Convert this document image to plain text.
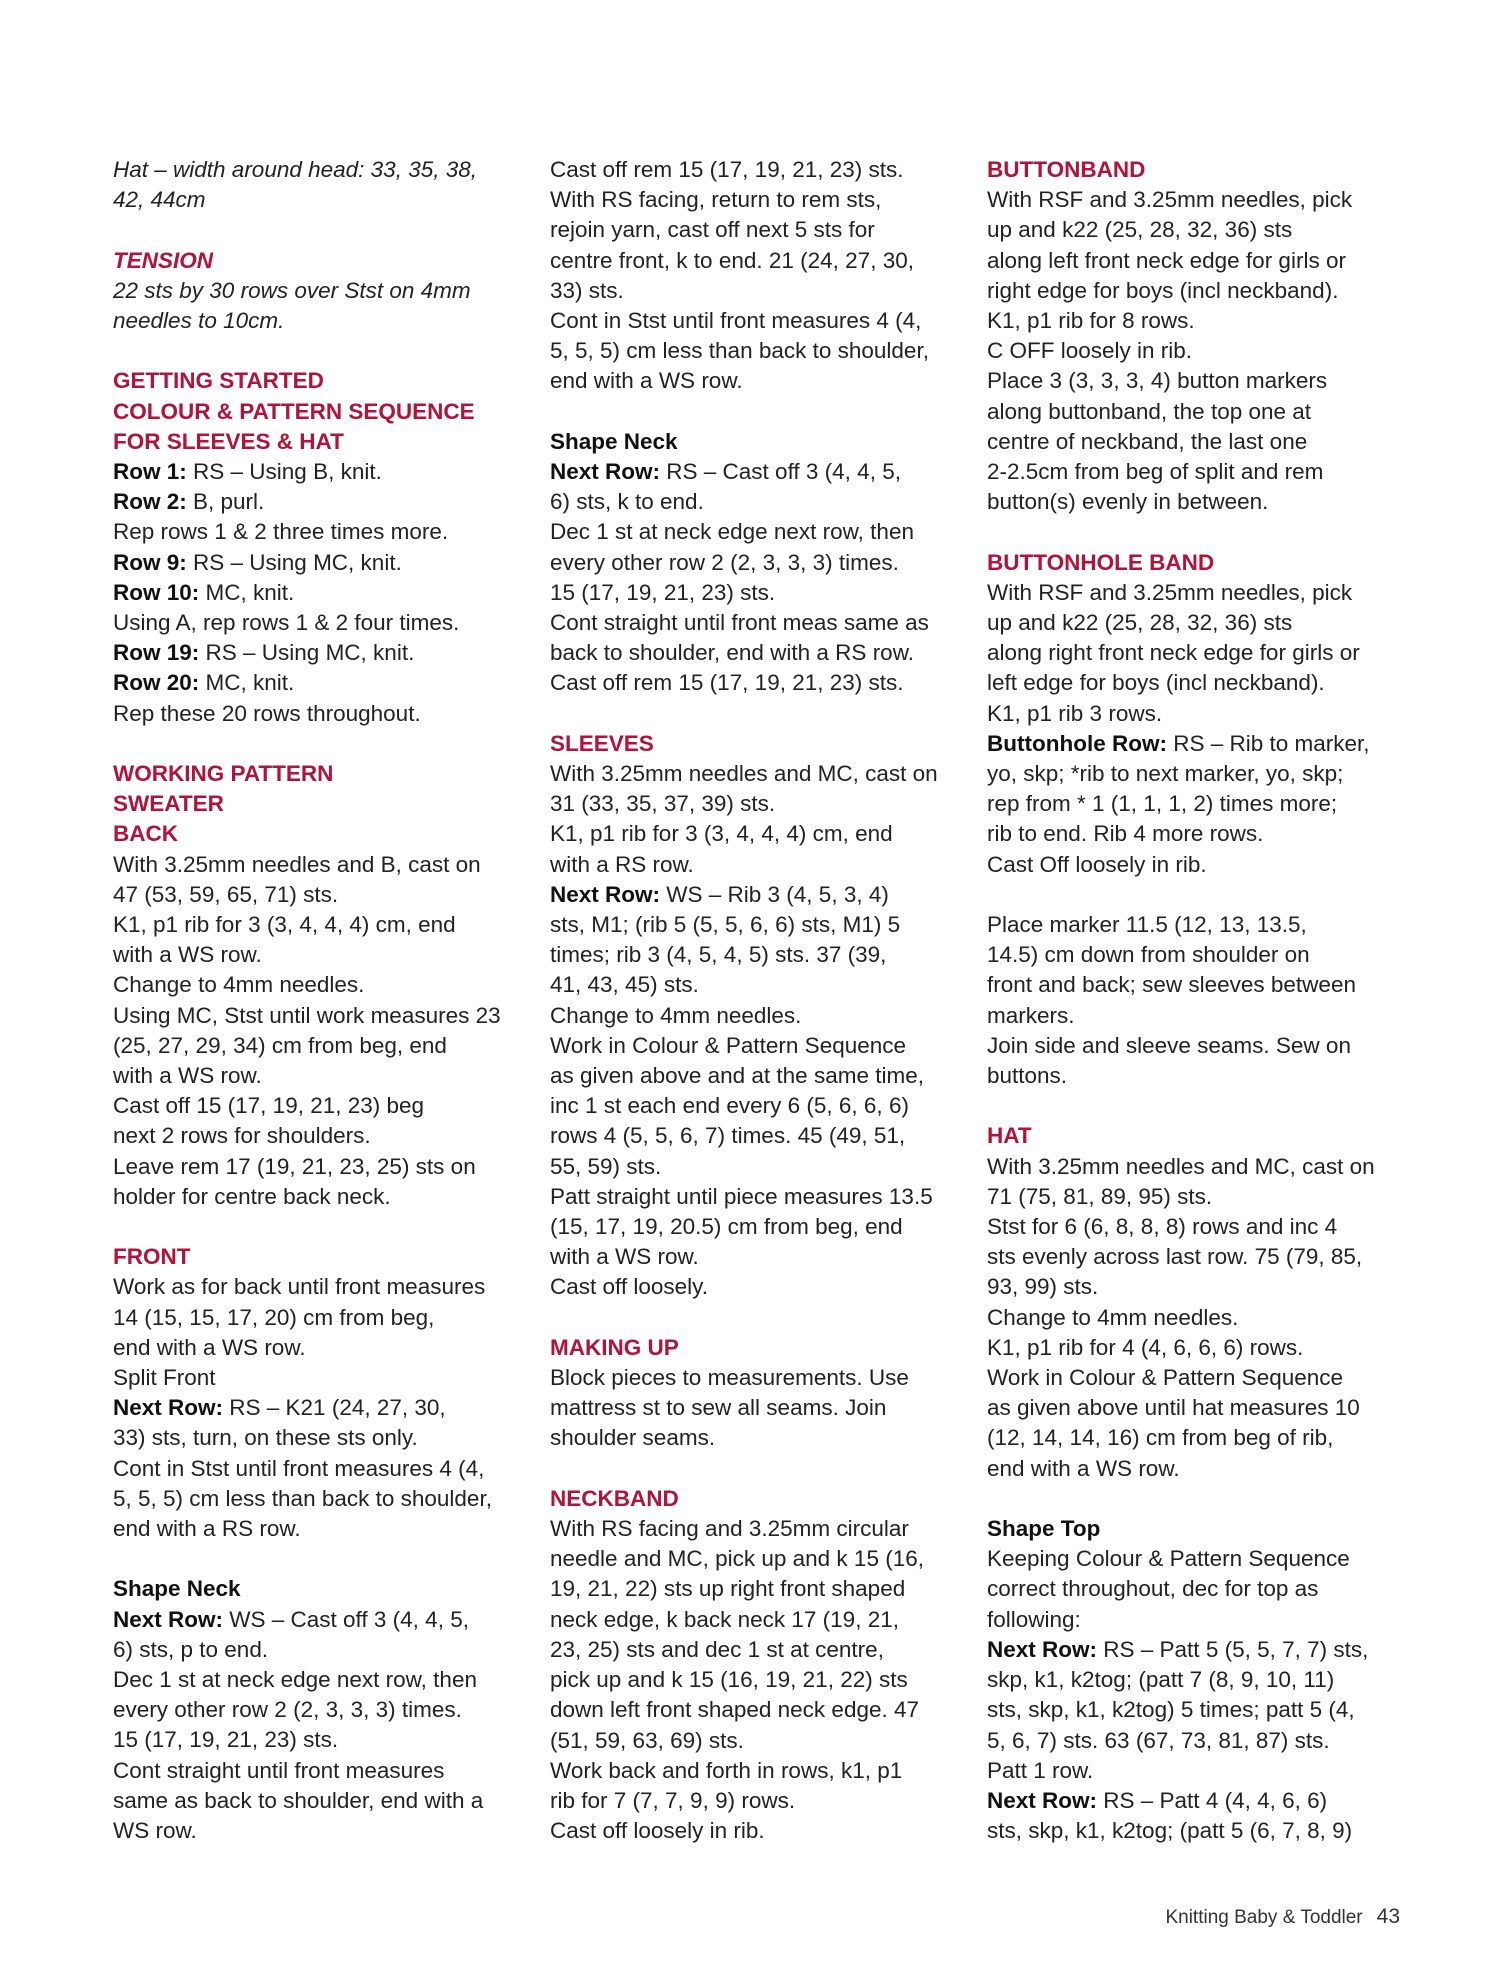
Hat – width around head: 33, 35, 38,
42, 44cm
TENSION
22 sts by 30 rows over Stst on 4mm
needles to 10cm.
GETTING STARTED
COLOUR & PATTERN SEQUENCE
FOR SLEEVES & HAT
Row 1: RS – Using B, knit.
Row 2: B, purl.
Rep rows 1 & 2 three times more.
Row 9: RS – Using MC, knit.
Row 10: MC, knit.
Using A, rep rows 1 & 2 four times.
Row 19: RS – Using MC, knit.
Row 20: MC, knit.
Rep these 20 rows throughout.
WORKING PATTERN
SWEATER
BACK
With 3.25mm needles and B, cast on
47 (53, 59, 65, 71) sts.
K1, p1 rib for 3 (3, 4, 4, 4) cm, end
with a WS row.
Change to 4mm needles.
Using MC, Stst until work measures 23
(25, 27, 29, 34) cm from beg, end
with a WS row.
Cast off 15 (17, 19, 21, 23) beg
next 2 rows for shoulders.
Leave rem 17 (19, 21, 23, 25) sts on
holder for centre back neck.
FRONT
Work as for back until front measures
14 (15, 15, 17, 20) cm from beg,
end with a WS row.
Split Front
Next Row: RS – K21 (24, 27, 30,
33) sts, turn, on these sts only.
Cont in Stst until front measures 4 (4,
5, 5, 5) cm less than back to shoulder,
end with a RS row.
Shape Neck
Next Row: WS – Cast off 3 (4, 4, 5,
6) sts, p to end.
Dec 1 st at neck edge next row, then
every other row 2 (2, 3, 3, 3) times.
15 (17, 19, 21, 23) sts.
Cont straight until front measures
same as back to shoulder, end with a
WS row.
Cast off rem 15 (17, 19, 21, 23) sts.
With RS facing, return to rem sts,
rejoin yarn, cast off next 5 sts for
centre front, k to end. 21 (24, 27, 30,
33) sts.
Cont in Stst until front measures 4 (4,
5, 5, 5) cm less than back to shoulder,
end with a WS row.
Shape Neck
Next Row: RS – Cast off 3 (4, 4, 5,
6) sts, k to end.
Dec 1 st at neck edge next row, then
every other row 2 (2, 3, 3, 3) times.
15 (17, 19, 21, 23) sts.
Cont straight until front meas same as
back to shoulder, end with a RS row.
Cast off rem 15 (17, 19, 21, 23) sts.
SLEEVES
With 3.25mm needles and MC, cast on
31 (33, 35, 37, 39) sts.
K1, p1 rib for 3 (3, 4, 4, 4) cm, end
with a RS row.
Next Row: WS – Rib 3 (4, 5, 3, 4)
sts, M1; (rib 5 (5, 5, 6, 6) sts, M1) 5
times; rib 3 (4, 5, 4, 5) sts. 37 (39,
41, 43, 45) sts.
Change to 4mm needles.
Work in Colour & Pattern Sequence
as given above and at the same time,
inc 1 st each end every 6 (5, 6, 6, 6)
rows 4 (5, 5, 6, 7) times. 45 (49, 51,
55, 59) sts.
Patt straight until piece measures 13.5
(15, 17, 19, 20.5) cm from beg, end
with a WS row.
Cast off loosely.
MAKING UP
Block pieces to measurements. Use
mattress st to sew all seams. Join
shoulder seams.
NECKBAND
With RS facing and 3.25mm circular
needle and MC, pick up and k 15 (16,
19, 21, 22) sts up right front shaped
neck edge, k back neck 17 (19, 21,
23, 25) sts and dec 1 st at centre,
pick up and k 15 (16, 19, 21, 22) sts
down left front shaped neck edge. 47
(51, 59, 63, 69) sts.
Work back and forth in rows, k1, p1
rib for 7 (7, 7, 9, 9) rows.
Cast off loosely in rib.
BUTTONBAND
With RSF and 3.25mm needles, pick
up and k22 (25, 28, 32, 36) sts
along left front neck edge for girls or
right edge for boys (incl neckband).
K1, p1 rib for 8 rows.
C OFF loosely in rib.
Place 3 (3, 3, 3, 4) button markers
along buttonband, the top one at
centre of neckband, the last one
2-2.5cm from beg of split and rem
button(s) evenly in between.
BUTTONHOLE BAND
With RSF and 3.25mm needles, pick
up and k22 (25, 28, 32, 36) sts
along right front neck edge for girls or
left edge for boys (incl neckband).
K1, p1 rib 3 rows.
Buttonhole Row: RS – Rib to marker,
yo, skp; *rib to next marker, yo, skp;
rep from * 1 (1, 1, 1, 2) times more;
rib to end. Rib 4 more rows.
Cast Off loosely in rib.
Place marker 11.5 (12, 13, 13.5,
14.5) cm down from shoulder on
front and back; sew sleeves between
markers.
Join side and sleeve seams. Sew on
buttons.
HAT
With 3.25mm needles and MC, cast on
71 (75, 81, 89, 95) sts.
Stst for 6 (6, 8, 8, 8) rows and inc 4
sts evenly across last row. 75 (79, 85,
93, 99) sts.
Change to 4mm needles.
K1, p1 rib for 4 (4, 6, 6, 6) rows.
Work in Colour & Pattern Sequence
as given above until hat measures 10
(12, 14, 14, 16) cm from beg of rib,
end with a WS row.
Shape Top
Keeping Colour & Pattern Sequence
correct throughout, dec for top as
following:
Next Row: RS – Patt 5 (5, 5, 7, 7) sts,
skp, k1, k2tog; (patt 7 (8, 9, 10, 11)
sts, skp, k1, k2tog) 5 times; patt 5 (4,
5, 6, 7) sts. 63 (67, 73, 81, 87) sts.
Patt 1 row.
Next Row: RS – Patt 4 (4, 4, 6, 6)
sts, skp, k1, k2tog; (patt 5 (6, 7, 8, 9)
Knitting Baby & Toddler 43
